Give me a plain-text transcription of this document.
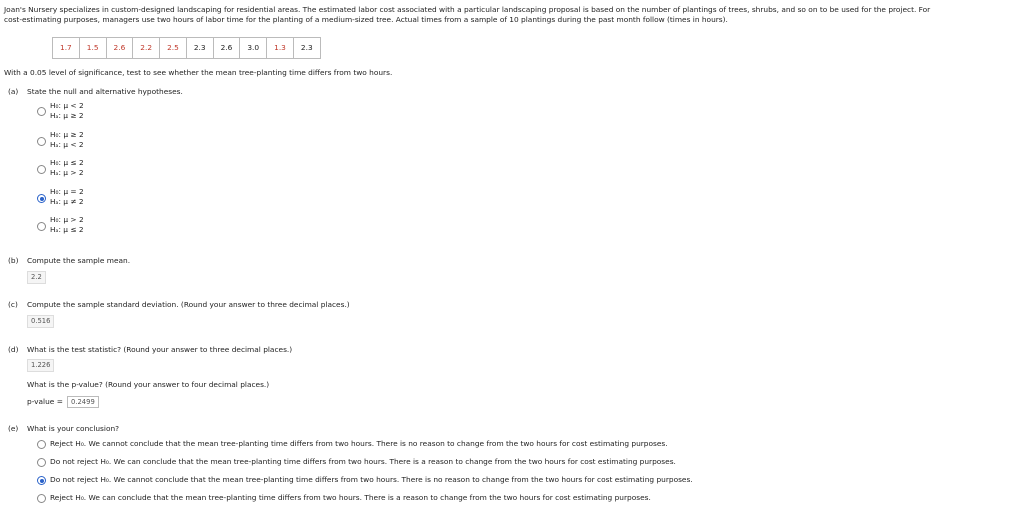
Joan's Nursery specializes in custom-designed landscaping for residential areas. The estimated labor cost associated with a particular landscaping proposal is based on the number of plantings of trees, shrubs, and so on to be used for the project. For
cost-estimating purposes, managers use two hours of labor time for the planting of a medium-sized tree. Actual times from a sample of 10 plantings during the past month follow (times in hours).
1.7	1.5	2.6	2.2	2.5	2.3	2.6	3.0	1.3	2.3
With a 0.05 level of significance, test to see whether the mean tree-planting time differs from two hours.
(a) State the null and alternative hypotheses.
H₀: μ < 2
Hₐ: μ ≥ 2
H₀: μ ≥ 2
Hₐ: μ < 2
H₀: μ ≤ 2
Hₐ: μ > 2
H₀: μ = 2
Hₐ: μ ≠ 2
H₀: μ > 2
Hₐ: μ ≤ 2
(b) Compute the sample mean.
2.2
(c) Compute the sample standard deviation. (Round your answer to three decimal places.)
0.516
(d) What is the test statistic? (Round your answer to three decimal places.)
1.226
What is the p-value? (Round your answer to four decimal places.)
p-value =	0.2499
(e) What is your conclusion?
Reject H₀. We cannot conclude that the mean tree-planting time differs from two hours. There is no reason to change from the two hours for cost estimating purposes.
Do not reject H₀. We can conclude that the mean tree-planting time differs from two hours. There is a reason to change from the two hours for cost estimating purposes.
Do not reject H₀. We cannot conclude that the mean tree-planting time differs from two hours. There is no reason to change from the two hours for cost estimating purposes.
Reject H₀. We can conclude that the mean tree-planting time differs from two hours. There is a reason to change from the two hours for cost estimating purposes.
